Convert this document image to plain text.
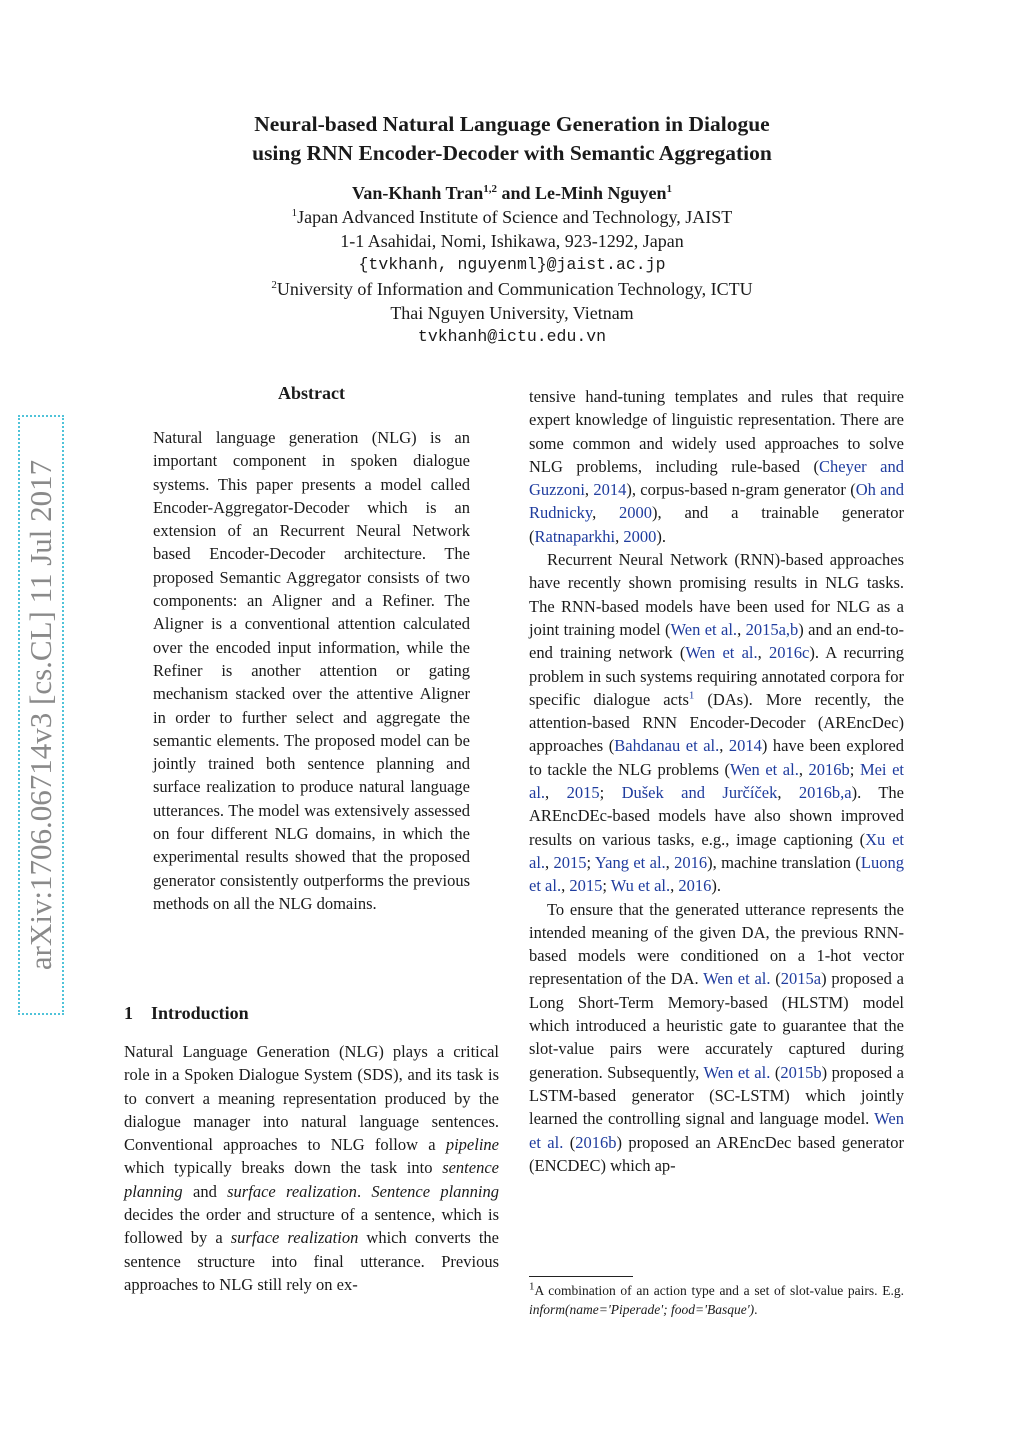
Neural-based Natural Language Generation in Dialogue
using RNN Encoder-Decoder with Semantic Aggregation
Van-Khanh Tran$^{1,2}$ and Le-Minh Nguyen$^1$
$^1$Japan Advanced Institute of Science and Technology, JAIST
1-1 Asahidai, Nomi, Ishikawa, 923-1292, Japan
{tvkhanh, nguyenml}@jaist.ac.jp
$^2$University of Information and Communication Technology, ICTU
Thai Nguyen University, Vietnam
tvkhanh@ictu.edu.vn
arXiv:1706.06714v3 [cs.CL] 11 Jul 2017
Abstract

Natural language generation (NLG) is an important component in spoken dialogue systems. This paper presents a model called Encoder-Aggregator-Decoder which is an extension of an Recurrent Neural Network based Encoder-Decoder architecture. The proposed Semantic Aggregator consists of two components: an Aligner and a Refiner. The Aligner is a conventional attention calculated over the encoded input information, while the Refiner is another attention or gating mechanism stacked over the attentive Aligner in order to further select and aggregate the semantic elements. The proposed model can be jointly trained both sentence planning and surface realization to produce natural language utterances. The model was extensively assessed on four different NLG domains, in which the experimental results showed that the proposed generator consistently outperforms the previous methods on all the NLG domains.

1 Introduction

Natural Language Generation (NLG) plays a critical role in a Spoken Dialogue System (SDS), and its task is to convert a meaning representation produced by the dialogue manager into natural language sentences. Conventional approaches to NLG follow a pipeline which typically breaks down the task into sentence planning and surface realization. Sentence planning decides the order and structure of a sentence, which is followed by a surface realization which converts the sentence structure into final utterance. Previous approaches to NLG still rely on ex-

tensive hand-tuning templates and rules that require expert knowledge of linguistic representation. There are some common and widely used approaches to solve NLG problems, including rule-based (Cheyer and Guzzoni, 2014), corpus-based n-gram generator (Oh and Rudnicky, 2000), and a trainable generator (Ratnaparkhi, 2000).

Recurrent Neural Network (RNN)-based approaches have recently shown promising results in NLG tasks. The RNN-based models have been used for NLG as a joint training model (Wen et al., 2015a,b) and an end-to-end training network (Wen et al., 2016c). A recurring problem in such systems requiring annotated corpora for specific dialogue acts$^1$ (DAs). More recently, the attention-based RNN Encoder-Decoder (AREncDec) approaches (Bahdanau et al., 2014) have been explored to tackle the NLG problems (Wen et al., 2016b; Mei et al., 2015; Dušek and Jurčíček, 2016b,a). The AREncDEc-based models have also shown improved results on various tasks, e.g., image captioning (Xu et al., 2015; Yang et al., 2016), machine translation (Luong et al., 2015; Wu et al., 2016).

To ensure that the generated utterance represents the intended meaning of the given DA, the previous RNN-based models were conditioned on a 1-hot vector representation of the DA. Wen et al. (2015a) proposed a Long Short-Term Memory-based (HLSTM) model which introduced a heuristic gate to guarantee that the slot-value pairs were accurately captured during generation. Subsequently, Wen et al. (2015b) proposed a LSTM-based generator (SC-LSTM) which jointly learned the controlling signal and language model. Wen et al. (2016b) proposed an AREncDec based generator (ENCDEC) which ap-

$^1$A combination of an action type and a set of slot-value pairs. E.g. inform(name='Piperade'; food='Basque').
